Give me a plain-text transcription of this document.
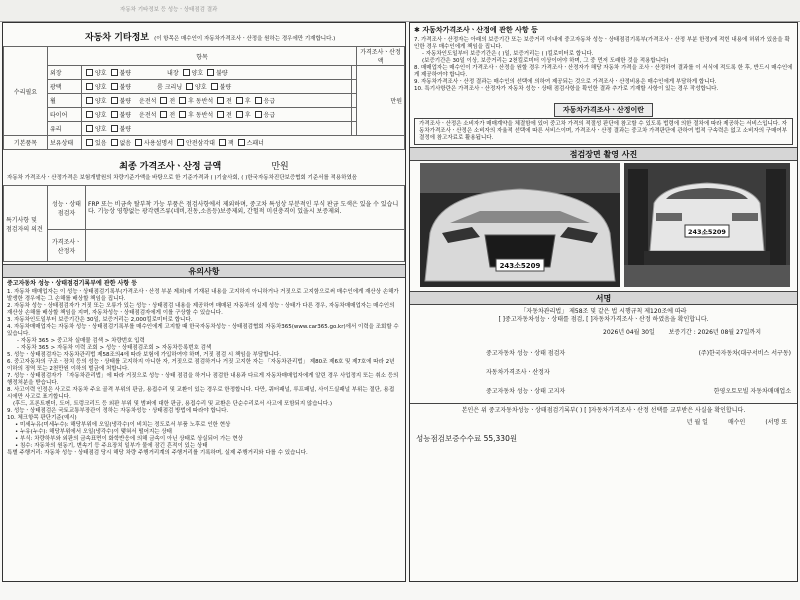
자동차 기타정보 등 성능ㆍ상태점검 결과
자동차 기타정보 (이 항목은 매수인이 자동차가격조사ㆍ산정을 원하는 경우에만 기재합니다.)
수리필요	항목			가격조사ㆍ산정액
	외장	양호 불량 내장 양호 불량		만원
	광택	양호 불량 룸 크리닝 양호 불량		
	휠	양호 불량 운전석 전 후 동반석 전 후 응급		
	타이어	양호 불량 운전석 전 후 동반석 전 후 응급		
	유리	양호 불량		
기본품목	보유상태	있음 없음 사용설명서 안전삼각대 잭 스패너		
최종 가격조사ㆍ산정 금액	만원
자동차 가격조사ㆍ산정가격은 보험개발원의 차량기준가액을 바탕으로 한 기준가격과 ( )기술사회, ( )한국자동차진단보증협회 기준서를 적용하였음
특기사항 및
점검자의 의견	성능ㆍ상태 점검자	FRP 또는 비금속 탈부착 가능 부품은 점검사항에서 제외하며, 중고차 특성상 부분적인 부식 판금 도색은 있을 수 있습니다. 기능상 영향없는 광각렌즈류(네비,진동,소음등)보증제외, 간헐적 미션충격이 있을시 보증제외.
	가격조사ㆍ산정자	
유의사항
중고자동차 성능ㆍ상태점검기록부에 관한 사항 등
1. 자동차 매매업자는 이 성능ㆍ상태점검기록부(가격조사ㆍ산정 부분 제외)에 기재된 내용을 고지하지 아니하거나 거짓으로 고지함으로써 매수인에게 재산상 손해가 발생한 경우에는 그 손해를 배상할 책임을 집니다.
2. 자동차 성능ㆍ상태점검자가 거짓 또는 오류가 있는 성능ㆍ상태점검 내용을 제공하여 매매된 자동차의 실제 성능ㆍ상태가 다른 경우, 자동차매매업자는 매수인의 재산상 손해를 배상할 책임을 지며, 자동차성능ㆍ상태점검자에게 이를 구상할 수 있습니다.
3. 자동차인도일부터 보증기간은 30일, 보증거리는 2,000킬로미터로 합니다.
4. 자동차매매업자는 자동차 성능ㆍ상태점검기록부를 매수인에게 고지할 때 한국자동차성능ㆍ상태점검협회 자동차365(www.car365.go.kr)에서 이력을 조회할 수 있습니다.
- 자동차 365 > 중고차 실매물 검색 > 차량번호 입력
- 자동차 365 > 자동차 이력 조회 > 성능ㆍ상태점검조회 > 자동차등록번호 검색
5. 성능ㆍ상태점검자는 자동차관리법 제58조의4에 따라 보험에 가입하여야 하며, 거짓 점검 시 책임을 부담합니다.
6. 중고자동차의 구조ㆍ장치 등의 성능ㆍ상태를 고지하지 아니한 자, 거짓으로 점검하거나 거짓 고지한 자는 「자동차관리법」 제80조 제6호 및 제7호에 따라 2년 이하의 징역 또는 2천만원 이하의 벌금에 처합니다.
7. 성능ㆍ상태점검자가 「자동차관리법」에 따라 거짓으로 성능ㆍ상태 점검을 하거나 점검한 내용과 다르게 자동차매매업자에게 알린 경우 사업정지 또는 취소 등의 행정처분을 받습니다.
8. 사고이력 인정은 사고로 자동차 주요 골격 부위의 판금, 용접수리 및 교환이 있는 경우로 한정합니다. 다만, 쿼터패널, 루프패널, 사이드실패널 부위는 절단, 용접 시에만 사고로 표기합니다.
(후드, 프론트펜더, 도어, 트렁크리드 등 외판 부위 및 범퍼에 대한 판금, 용접수리 및 교환은 단순수리로서 사고에 포함되지 않습니다.)
9. 성능ㆍ상태점검은 국토교통부장관이 정하는 자동차성능ㆍ상태점검 방법에 따라야 합니다.
10. 체크항목 판단기준(예시)
• 미세누유(미세누수): 해당부위에 오일(냉각수)이 비치는 정도로서 부품 노후로 인한 현상
• 누유(누수): 해당부위에서 오일(냉각수)이 맺혀서 떨어지는 상태
• 부식: 차량하부와 외판의 금속표면이 화학반응에 의해 금속이 아닌 상태로 상실되어 가는 현상
• 침수: 자동차의 원동기, 변속기 등 주요장치 일부가 물에 잠긴 흔적이 있는 상태
특별 주행거리: 자동차 성능ㆍ상태점검 당시 해당 차량 주행거리계의 주행거리를 기록하며, 실제 주행거리와 다를 수 있습니다.
✱ 자동차가격조사ㆍ산정에 관한 사항 등
7. 가격조사ㆍ산정자는 아래의 보증기간 또는 보증거리 이내에 중고자동차 성능ㆍ상태점검기록부(가격조사ㆍ산정 부분 한정)에 적힌 내용에 허위가 있음을 확인한 경우 매수인에게 책임을 집니다.
- 자동차인도일부터 보증기간은 ( )일, 보증거리는 ( )킬로미터로 합니다.
(보증기간은 30일 이상, 보증거리는 2천킬로미터 이상이어야 하며, 그 중 먼저 도래한 것을 적용합니다)
8. 매매업자는 매수인이 가격조사ㆍ산정을 원할 경우 가격조사ㆍ산정자가 해당 자동차 가격을 조사ㆍ산정하여 결과를 이 서식에 적도록 한 후, 반드시 매수인에게 제공하여야 합니다.
9. 자동차가격조사ㆍ산정 결과는 매수인의 선택에 의하여 제공되는 것으로 가격조사ㆍ산정비용은 매수인에게 부담하게 합니다.
10. 특기사항란은 가격조사ㆍ산정자가 자동차 성능ㆍ상태 점검사항을 확인한 결과 추가로 기재할 사항이 있는 경우 작성합니다.
자동차가격조사ㆍ산정이란
가격조사ㆍ산정은 소비자가 매매계약을 체결함에 있어 중고차 가격의 적절성 판단에 참고할 수 있도록 법령에 의한 절차에 따라 제공하는 서비스입니다. 자동차가격조사ㆍ산정은 소비자의 자율적 선택에 따른 서비스이며, 가격조사ㆍ산정 결과는 중고차 가격판단에 관하여 법적 구속력은 없고 소비자의 구매여부 결정에 참고자료로 활용됩니다.
점검장면 촬영 사진
243소5209
243소5209
서명
「자동차관리법」 제58조 및 같은 법 시행규칙 제120조에 따라
[ ]중고자동차성능ㆍ상태를 점검, [ ]자동차가격조사ㆍ산정 하였음을 확인합니다.
2026년 04월 30일 보증기간 : 2026년 08월 27일까지
중고자동차 성능ㆍ상태 점검자	(주)한국자동차(대구서비스 서구동)
자동차가격조사ㆍ산정자
중고자동차 성능ㆍ상태 고지자	한영오토모빌 자동차매매업소
본인은 위 중고자동차성능ㆍ상태점검기록부( ) [ ]자동차가격조사ㆍ산정 선택를 교부받은 사실을 확인합니다.
년 월 일	매수인	(서명 또
성능점검보증수수료 55,330원
